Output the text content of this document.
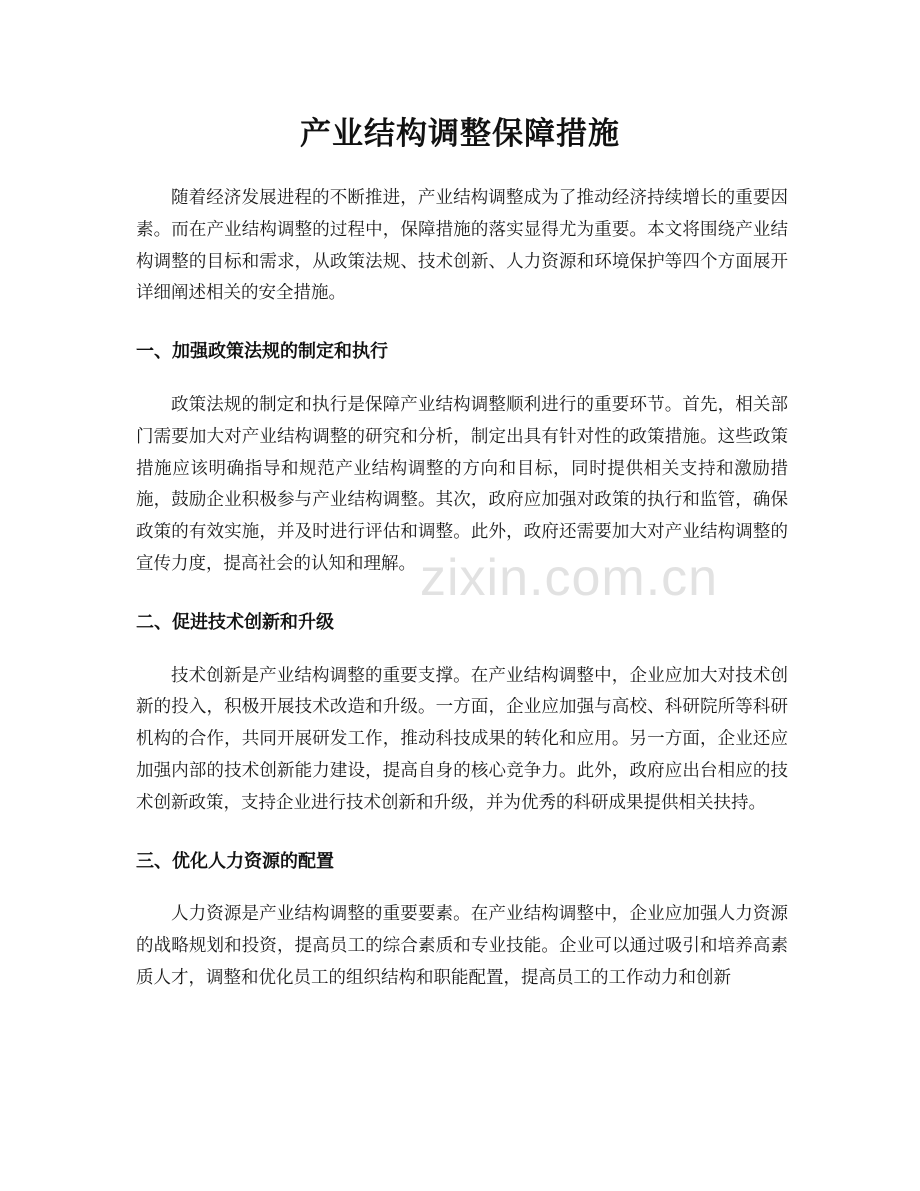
产业结构调整保障措施

随着经济发展进程的不断推进，产业结构调整成为了推动经济持续增长的重要因素。而在产业结构调整的过程中，保障措施的落实显得尤为重要。本文将围绕产业结构调整的目标和需求，从政策法规、技术创新、人力资源和环境保护等四个方面展开详细阐述相关的安全措施。

一、加强政策法规的制定和执行

政策法规的制定和执行是保障产业结构调整顺利进行的重要环节。首先，相关部门需要加大对产业结构调整的研究和分析，制定出具有针对性的政策措施。这些政策措施应该明确指导和规范产业结构调整的方向和目标，同时提供相关支持和激励措施，鼓励企业积极参与产业结构调整。其次，政府应加强对政策的执行和监管，确保政策的有效实施，并及时进行评估和调整。此外，政府还需要加大对产业结构调整的宣传力度，提高社会的认知和理解。

二、促进技术创新和升级

技术创新是产业结构调整的重要支撑。在产业结构调整中，企业应加大对技术创新的投入，积极开展技术改造和升级。一方面，企业应加强与高校、科研院所等科研机构的合作，共同开展研发工作，推动科技成果的转化和应用。另一方面，企业还应加强内部的技术创新能力建设，提高自身的核心竞争力。此外，政府应出台相应的技术创新政策，支持企业进行技术创新和升级，并为优秀的科研成果提供相关扶持。

三、优化人力资源的配置

人力资源是产业结构调整的重要要素。在产业结构调整中，企业应加强人力资源的战略规划和投资，提高员工的综合素质和专业技能。企业可以通过吸引和培养高素质人才，调整和优化员工的组织结构和职能配置，提高员工的工作动力和创新

zixin.com.cn
